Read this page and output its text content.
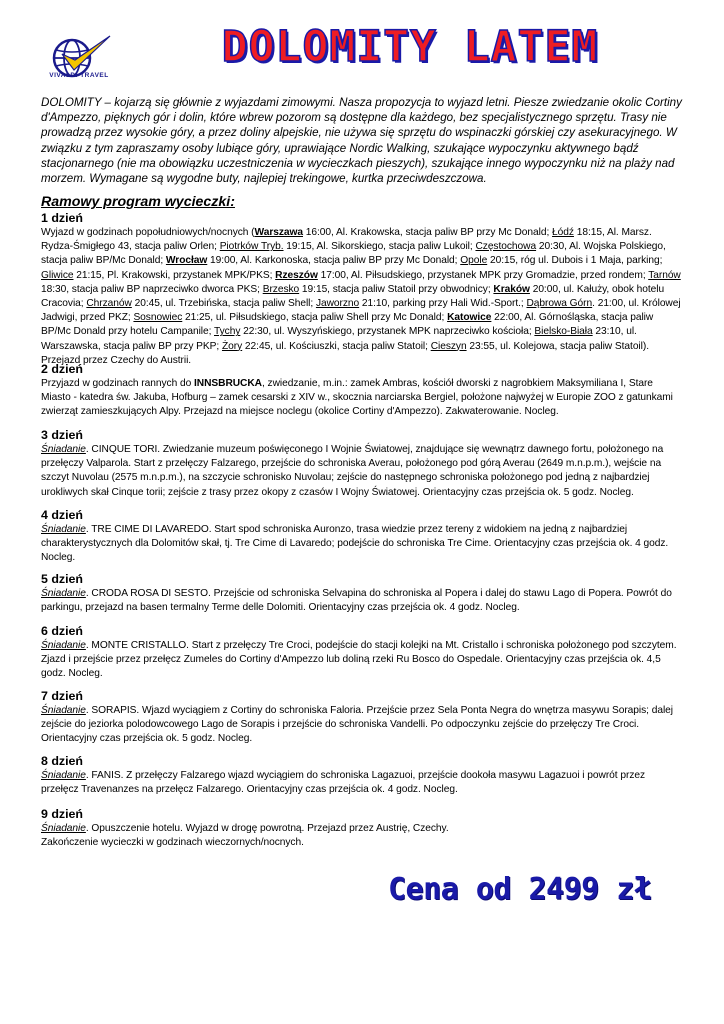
VIVALDI TRAVEL
DOLOMITY LATEM
DOLOMITY – kojarzą się głównie z wyjazdami zimowymi. Nasza propozycja to wyjazd letni. Piesze zwiedzanie okolic Cortiny d'Ampezzo, pięknych gór i dolin, które wbrew pozorom są dostępne dla każdego, bez specjalistycznego sprzętu. Trasy nie prowadzą przez wysokie góry, a przez doliny alpejskie, nie używa się sprzętu do wspinaczki górskiej czy asekuracyjnego. W związku z tym zapraszamy osoby lubiące góry, uprawiające Nordic Walking, szukające wypoczynku aktywnego bądź stacjonarnego (nie ma obowiązku uczestniczenia w wycieczkach pieszych), szukające innego wypoczynku niż na plaży nad morzem. Wymagane są wygodne buty, najlepiej trekingowe, kurtka przeciwdeszczowa.
Ramowy program wycieczki:
1 dzień
Wyjazd w godzinach popołudniowych/nocnych (Warszawa 16:00, Al. Krakowska, stacja paliw BP przy Mc Donald; Łódź 18:15, Al. Marsz. Rydza-Śmigłego 43, stacja paliw Orlen; Piotrków Tryb. 19:15, Al. Sikorskiego, stacja paliw Lukoil; Częstochowa 20:30, Al. Wojska Polskiego, stacja paliw BP/Mc Donald; Wrocław 19:00, Al. Karkonoska, stacja paliw BP przy Mc Donald; Opole 20:15, róg ul. Dubois i 1 Maja, parking; Gliwice 21:15, Pl. Krakowski, przystanek MPK/PKS; Rzeszów 17:00, Al. Piłsudskiego, przystanek MPK przy Gromadzie, przed rondem; Tarnów 18:30, stacja paliw BP naprzeciwko dworca PKS; Brzesko 19:15, stacja paliw Statoil przy obwodnicy; Kraków 20:00, ul. Kałuży, obok hotelu Cracovia; Chrzanów 20:45, ul. Trzebińska, stacja paliw Shell; Jaworzno 21:10, parking przy Hali Wid.-Sport.; Dąbrowa Górn. 21:00, ul. Królowej Jadwigi, przed PKZ; Sosnowiec 21:25, ul. Piłsudskiego, stacja paliw Shell przy Mc Donald; Katowice 22:00, Al. Górnośląska, stacja paliw BP/Mc Donald przy hotelu Campanile; Tychy 22:30, ul. Wyszyńskiego, przystanek MPK naprzeciwko kościoła; Bielsko-Biała 23:10, ul. Warszawska, stacja paliw BP przy PKP; Żory 22:45, ul. Kościuszki, stacja paliw Statoil; Cieszyn 23:55, ul. Kolejowa, stacja paliw Statoil). Przejazd przez Czechy do Austrii.
2 dzień
Przyjazd w godzinach rannych do INNSBRUCKA, zwiedzanie, m.in.: zamek Ambras, kościół dworski z nagrobkiem Maksymiliana I, Stare Miasto - katedra św. Jakuba, Hofburg – zamek cesarski z XIV w., skocznia narciarska Bergiel, położone najwyżej w Europie ZOO z gatunkami zwierząt zamieszkujących Alpy. Przejazd na miejsce noclegu (okolice Cortiny d'Ampezzo). Zakwaterowanie. Nocleg.
3 dzień
Śniadanie. CINQUE TORI. Zwiedzanie muzeum poświęconego I Wojnie Światowej, znajdujące się wewnątrz dawnego fortu, położonego na przełęczy Valparola. Start z przełęczy Falzarego, przejście do schroniska Averau, położonego pod górą Averau (2649 m.n.p.m.), wejście na szczyt Nuvolau (2575 m.n.p.m.), na szczycie schronisko Nuvolau; zejście do następnego schroniska położonego pod jedną z najbardziej urokliwych skał Cinque torii; zejście z trasy przez okopy z czasów I Wojny Światowej. Orientacyjny czas przejścia ok. 5 godz. Nocleg.
4 dzień
Śniadanie. TRE CIME DI LAVAREDO. Start spod schroniska Auronzo, trasa wiedzie przez tereny z widokiem na jedną z najbardziej charakterystycznych dla Dolomitów skał, tj. Tre Cime di Lavaredo; podejście do schroniska Tre Cime. Orientacyjny czas przejścia ok. 4 godz. Nocleg.
5 dzień
Śniadanie. CRODA ROSA DI SESTO. Przejście od schroniska Selvapina do schroniska al Popera i dalej do stawu Lago di Popera. Powrót do parkingu, przejazd na basen termalny Terme delle Dolomiti. Orientacyjny czas przejścia ok. 4 godz. Nocleg.
6 dzień
Śniadanie. MONTE CRISTALLO. Start z przełęczy Tre Croci, podejście do stacji kolejki na Mt. Cristallo i schroniska położonego pod szczytem. Zjazd i przejście przez przełęcz Zumeles do Cortiny d'Ampezzo lub doliną rzeki Ru Bosco do Ospedale. Orientacyjny czas przejścia ok. 4,5 godz. Nocleg.
7 dzień
Śniadanie. SORAPIS. Wjazd wyciągiem z Cortiny do schroniska Faloria. Przejście przez Sela Ponta Negra do wnętrza masywu Sorapis; dalej zejście do jeziorka polodowcowego Lago de Sorapis i przejście do schroniska Vandelli. Po odpoczynku zejście do przełęczy Tre Croci. Orientacyjny czas przejścia ok. 5 godz. Nocleg.
8 dzień
Śniadanie. FANIS. Z przełęczy Falzarego wjazd wyciągiem do schroniska Lagazuoi, przejście dookoła masywu Lagazuoi i powrót przez przełęcz Travenanzes na przełęcz Falzarego. Orientacyjny czas przejścia ok. 4 godz. Nocleg.
9 dzień
Śniadanie. Opuszczenie hotelu. Wyjazd w drogę powrotną. Przejazd przez Austrię, Czechy.
Zakończenie wycieczki w godzinach wieczornych/nocnych.
Cena od 2499 zł
